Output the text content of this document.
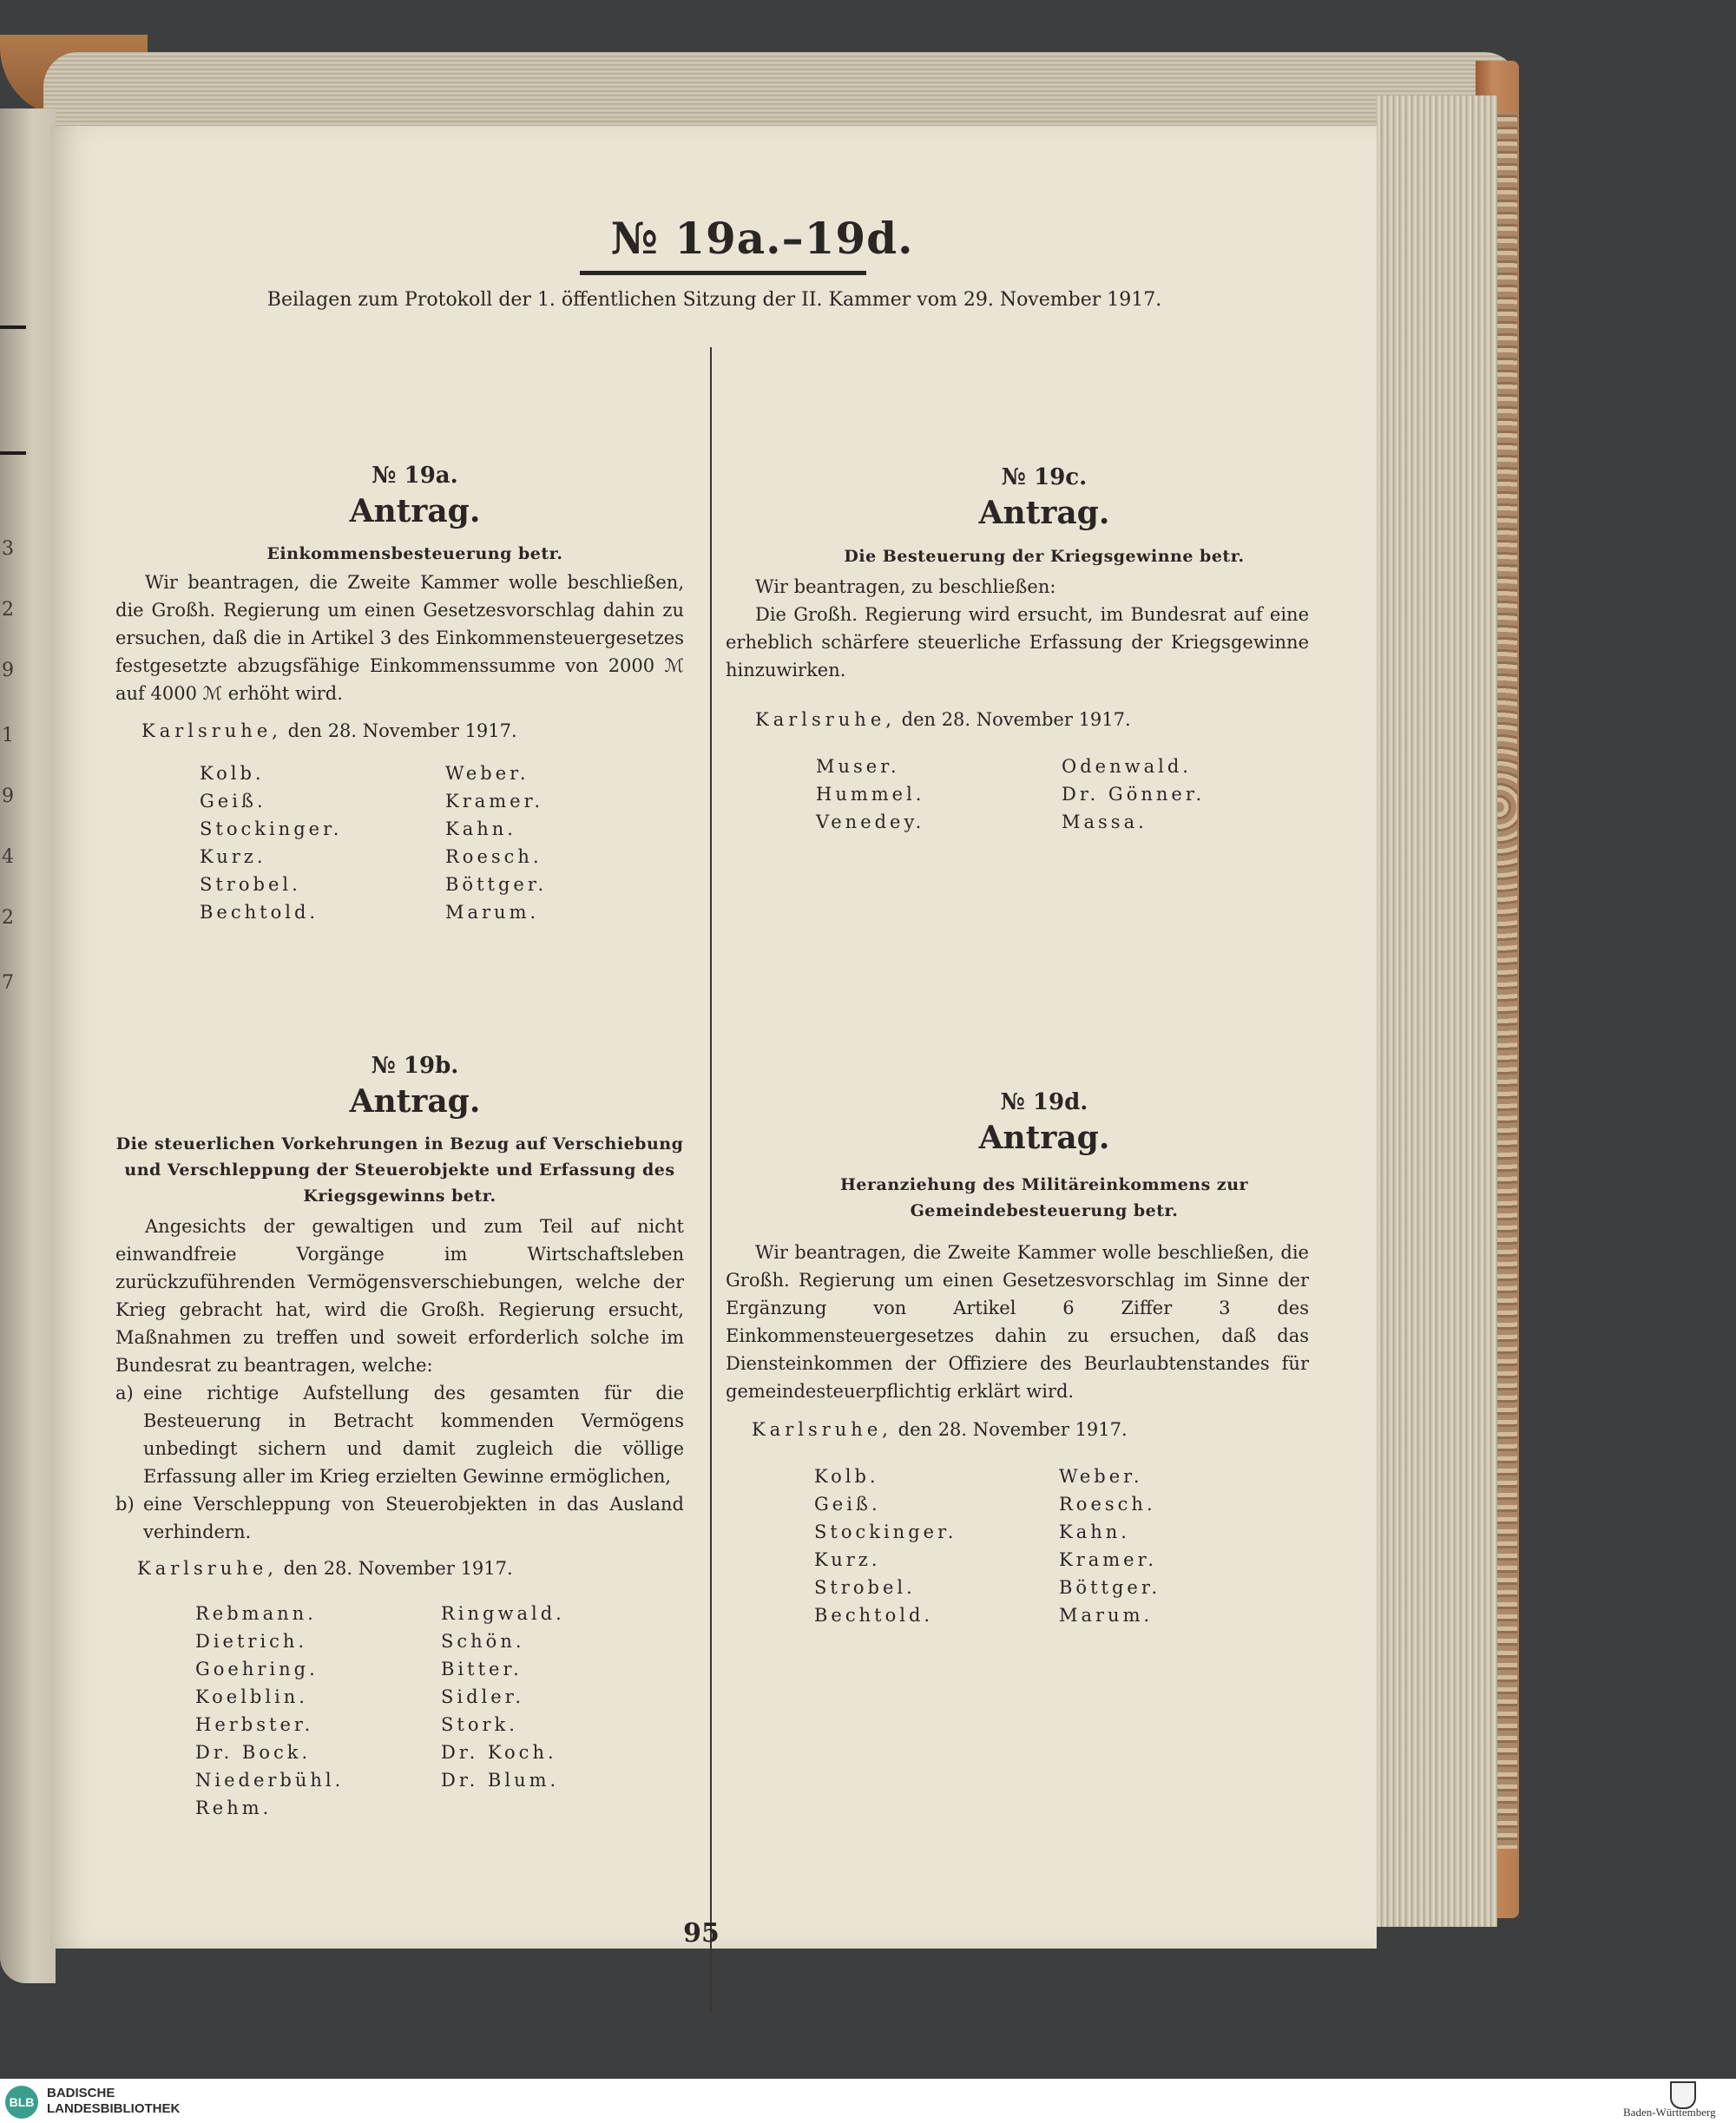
3
2
9
1
9
4
2
7
№ 19a.–19d.
Beilagen zum Protokoll der 1. öffentlichen Sitzung der II. Kammer vom 29. November 1917.
№ 19a.
Antrag.
Einkommensbesteuerung betr.

Wir beantragen, die Zweite Kammer wolle beschließen, die Großh. Regierung um einen Gesetzesvorschlag dahin zu ersuchen, daß die in Artikel 3 des Einkommensteuergesetzes festgesetzte abzugsfähige Einkommenssumme von 2000 ℳ auf 4000 ℳ erhöht wird.

Karlsruhe, den 28. November 1917.
Kolb.
Geiß.
Stockinger.
Kurz.
Strobel.
Bechtold.
Weber.
Kramer.
Kahn.
Roesch.
Böttger.
Marum.
№ 19b.
Antrag.
Die steuerlichen Vorkehrungen in Bezug auf Verschiebung und Verschleppung der Steuerobjekte und Erfassung des Kriegsgewinns betr.

Angesichts der gewaltigen und zum Teil auf nicht einwandfreie Vorgänge im Wirtschaftsleben zurückzuführenden Vermögensverschiebungen, welche der Krieg gebracht hat, wird die Großh. Regierung ersucht, Maßnahmen zu treffen und soweit erforderlich solche im Bundesrat zu beantragen, welche:

a) eine richtige Aufstellung des gesamten für die Besteuerung in Betracht kommenden Vermögens unbedingt sichern und damit zugleich die völlige Erfassung aller im Krieg erzielten Gewinne ermöglichen,

b) eine Verschleppung von Steuerobjekten in das Ausland verhindern.

Karlsruhe, den 28. November 1917.
Rebmann.
Dietrich.
Goehring.
Koelblin.
Herbster.
Dr. Bock.
Niederbühl.
Rehm.
Ringwald.
Schön.
Bitter.
Sidler.
Stork.
Dr. Koch.
Dr. Blum.
№ 19c.
Antrag.
Die Besteuerung der Kriegsgewinne betr.

Wir beantragen, zu beschließen:

Die Großh. Regierung wird ersucht, im Bundesrat auf eine erheblich schärfere steuerliche Erfassung der Kriegsgewinne hinzuwirken.

Karlsruhe, den 28. November 1917.
Muser.
Hummel.
Venedey.
Odenwald.
Dr. Gönner.
Massa.
№ 19d.
Antrag.
Heranziehung des Militäreinkommens zur Gemeindebesteuerung betr.

Wir beantragen, die Zweite Kammer wolle beschließen, die Großh. Regierung um einen Gesetzesvorschlag im Sinne der Ergänzung von Artikel 6 Ziffer 3 des Einkommensteuergesetzes dahin zu ersuchen, daß das Diensteinkommen der Offiziere des Beurlaubtenstandes für gemeindesteuerpflichtig erklärt wird.

Karlsruhe, den 28. November 1917.
Kolb.
Geiß.
Stockinger.
Kurz.
Strobel.
Bechtold.
Weber.
Roesch.
Kahn.
Kramer.
Böttger.
Marum.
95
BLB
BADISCHE
LANDESBIBLIOTHEK	Baden-Württemberg
